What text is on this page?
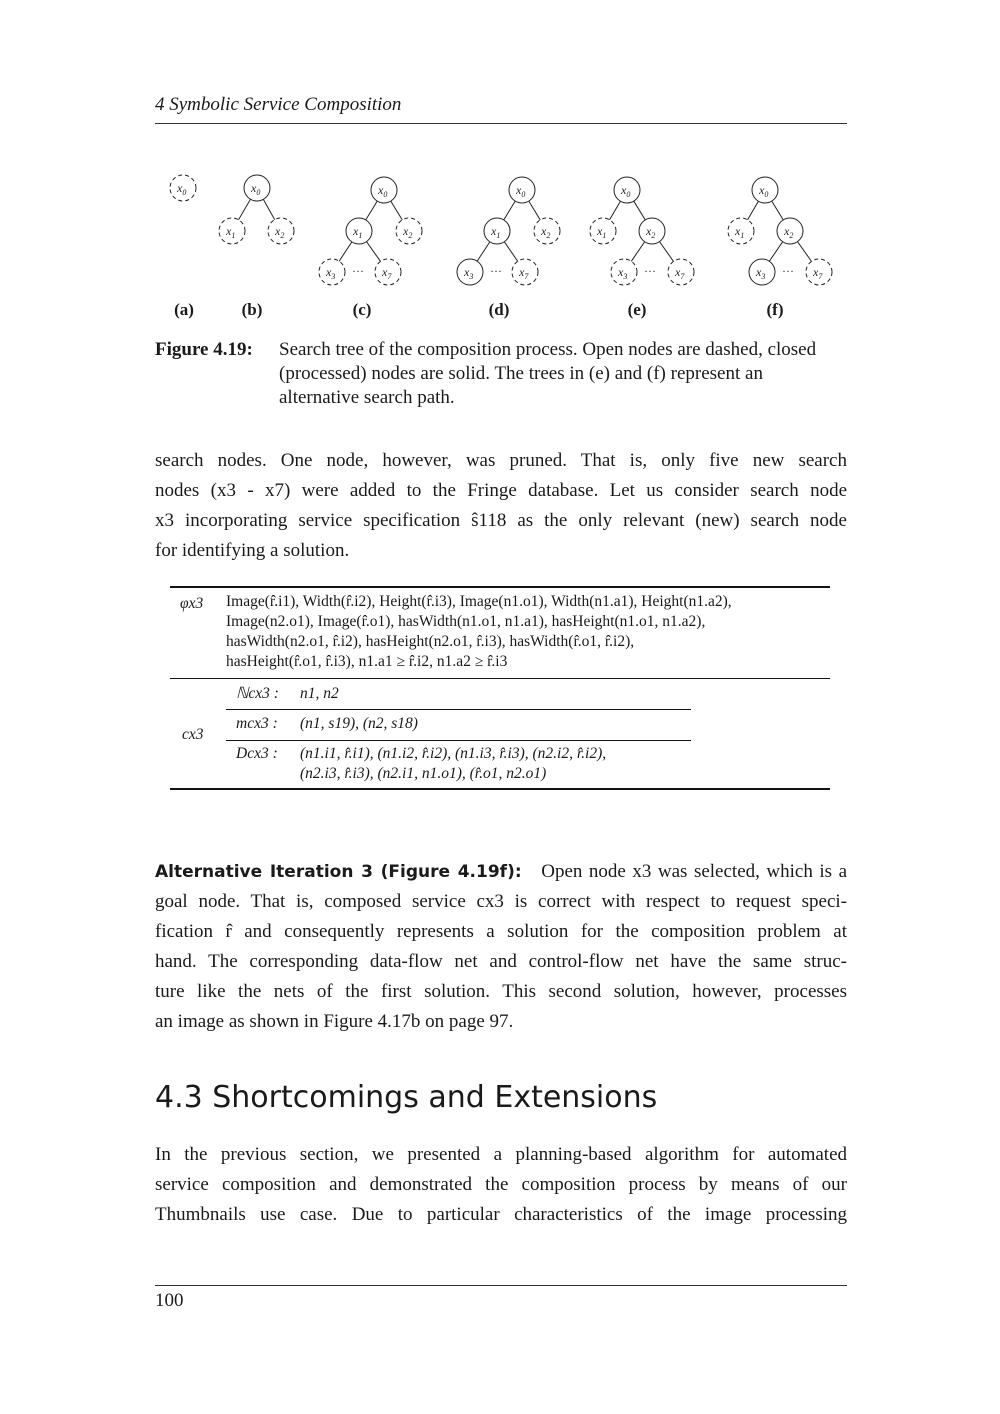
4 Symbolic Service Composition
$x_0$	$x_0$
$x_1$	$x_2$
$x_0$
$x_1$	$x_2$
$x_3$	$x_7$
···
$x_0$
$x_1$	$x_2$
$x_3$	$x_7$
···
$x_0$
$x_1$	$x_2$
$x_3$	$x_7$
···
$x_0$
$x_1$	$x_2$
$x_3$	$x_7$
···
(a)	(b)	(c)	(d)	(e)	(f)
Figure 4.19: Search tree of the composition process. Open nodes are dashed, closed (processed) nodes are solid. The trees in (e) and (f) represent an alternative search path.
search nodes. One node, however, was pruned. That is, only five new search
nodes (x3 - x7) were added to the Fringe database. Let us consider search node
x3 incorporating service specification ŝ118 as the only relevant (new) search node
for identifying a solution.
φx3 Image(r̂.i1), Width(r̂.i2), Height(r̂.i3), Image(n1.o1), Width(n1.a1), Height(n1.a2),
Image(n2.o1), Image(r̂.o1), hasWidth(n1.o1, n1.a1), hasHeight(n1.o1, n1.a2),
hasWidth(n2.o1, r̂.i2), hasHeight(n2.o1, r̂.i3), hasWidth(r̂.o1, r̂.i2),
hasHeight(r̂.o1, r̂.i3), n1.a1 ≥ r̂.i2, n1.a2 ≥ r̂.i3
cx3
ℕcx3 : n1, n2
mcx3 : (n1, s19), (n2, s18)
Dcx3 : (n1.i1, r̂.i1), (n1.i2, r̂.i2), (n1.i3, r̂.i3), (n2.i2, r̂.i2),
(n2.i3, r̂.i3), (n2.i1, n1.o1), (r̂.o1, n2.o1)
Alternative Iteration 3 (Figure 4.19f): Open node x3 was selected, which is a
goal node. That is, composed service cx3 is correct with respect to request speci-
fication r̂ and consequently represents a solution for the composition problem at
hand. The corresponding data-flow net and control-flow net have the same struc-
ture like the nets of the first solution. This second solution, however, processes
an image as shown in Figure 4.17b on page 97.
4.3 Shortcomings and Extensions
In the previous section, we presented a planning-based algorithm for automated
service composition and demonstrated the composition process by means of our
Thumbnails use case. Due to particular characteristics of the image processing
100
